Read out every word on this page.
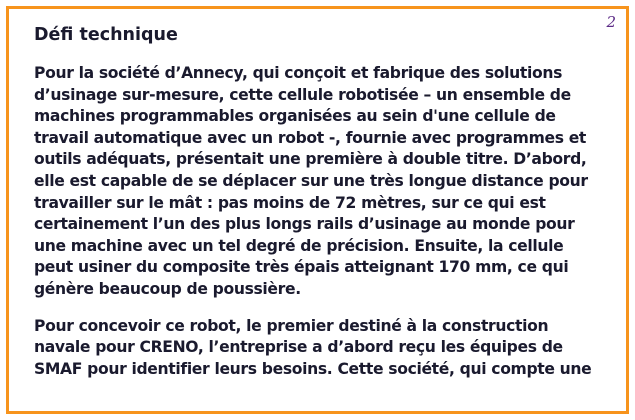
2
Défi technique

Pour la société d’Annecy, qui conçoit et fabrique des solutions d’usinage sur-mesure, cette cellule robotisée – un ensemble de machines programmables organisées au sein d'une cellule de travail automatique avec un robot -, fournie avec programmes et outils adéquats, présentait une première à double titre. D’abord, elle est capable de se déplacer sur une très longue distance pour travailler sur le mât : pas moins de 72 mètres, sur ce qui est certainement l’un des plus longs rails d’usinage au monde pour une machine avec un tel degré de précision. Ensuite, la cellule peut usiner du composite très épais atteignant 170 mm, ce qui génère beaucoup de poussière.

Pour concevoir ce robot, le premier destiné à la construction navale pour CRENO, l’entreprise a d’abord reçu les équipes de SMAF pour identifier leurs besoins. Cette société, qui compte une
